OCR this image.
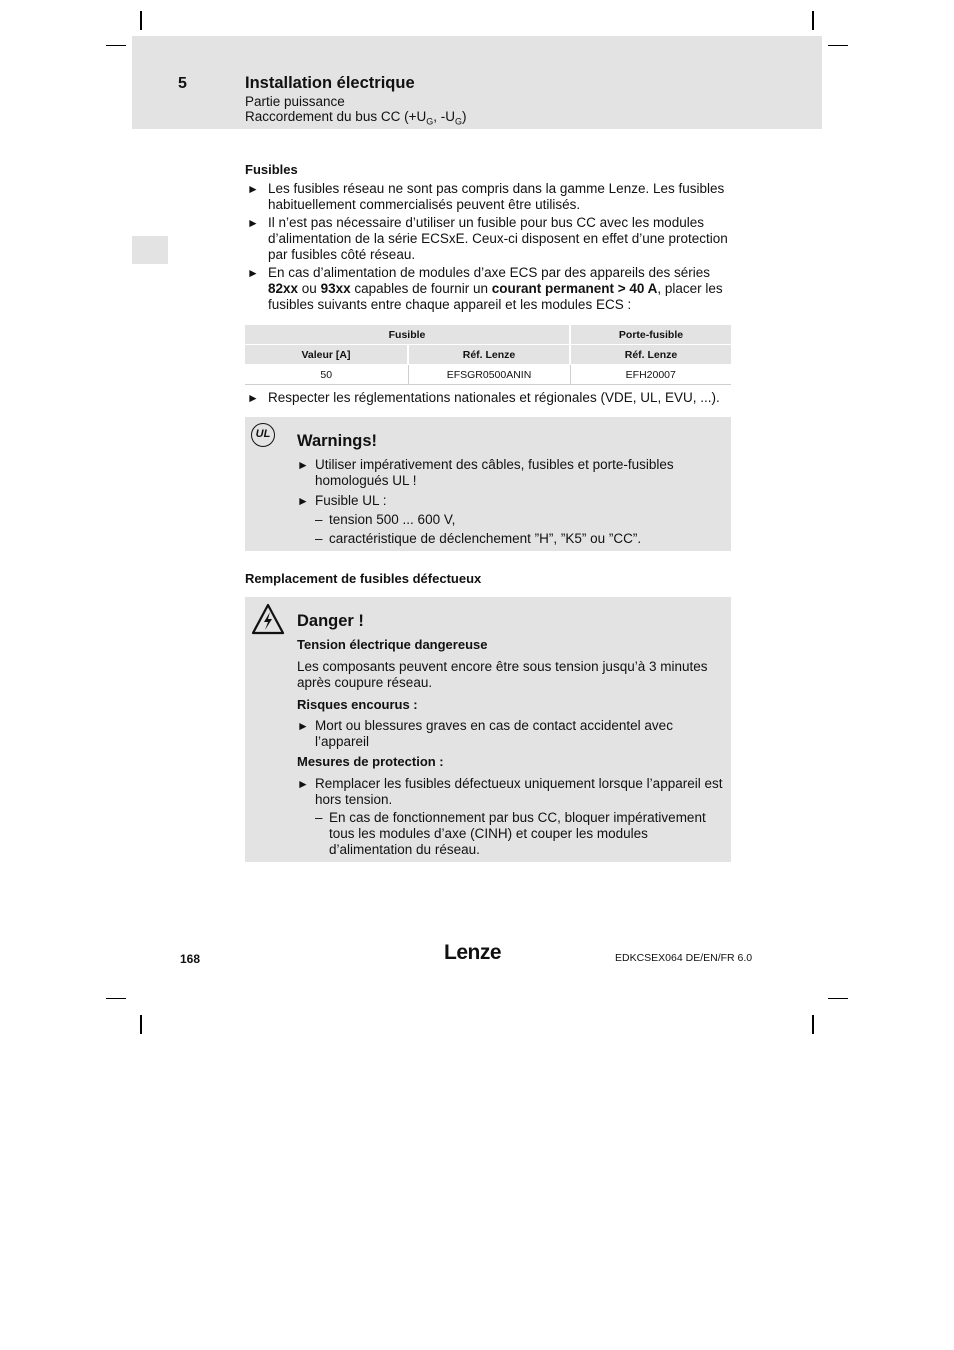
5	Installation électrique
Partie puissance
Raccordement du bus CC ($+U_G$, $-U_G$)
Fusibles
► Les fusibles réseau ne sont pas compris dans la gamme Lenze. Les fusibles habituellement commercialisés peuvent être utilisés.
► Il n’est pas nécessaire d’utiliser un fusible pour bus CC avec les modules d’alimentation de la série ECSxE. Ceux-ci disposent en effet d’une protection par fusibles côté réseau.
► En cas d’alimentation de modules d’axe ECS par des appareils des séries 82xx ou 93xx capables de fournir un courant permanent > 40 A, placer les fusibles suivants entre chaque appareil et les modules ECS :
Fusible		Porte-fusible
Valeur [A]	Réf. Lenze	Réf. Lenze
50	EFSGR0500ANIN	EFH20007
► Respecter les réglementations nationales et régionales (VDE, UL, EVU, ...).
UL Warnings!
► Utiliser impérativement des câbles, fusibles et porte-fusibles homologués UL !
► Fusible UL :
– tension 500 ... 600 V,
– caractéristique de déclenchement ”H”, ”K5” ou ”CC”.
Remplacement de fusibles défectueux
Danger !
Tension électrique dangereuse
Les composants peuvent encore être sous tension jusqu’à 3 minutes après coupure réseau.
Risques encourus :
► Mort ou blessures graves en cas de contact accidentel avec l’appareil
Mesures de protection :
► Remplacer les fusibles défectueux uniquement lorsque l’appareil est hors tension.
– En cas de fonctionnement par bus CC, bloquer impérativement tous les modules d’axe (CINH) et couper les modules d’alimentation du réseau.
168	Lenze	EDKCSEX064 DE/EN/FR 6.0
